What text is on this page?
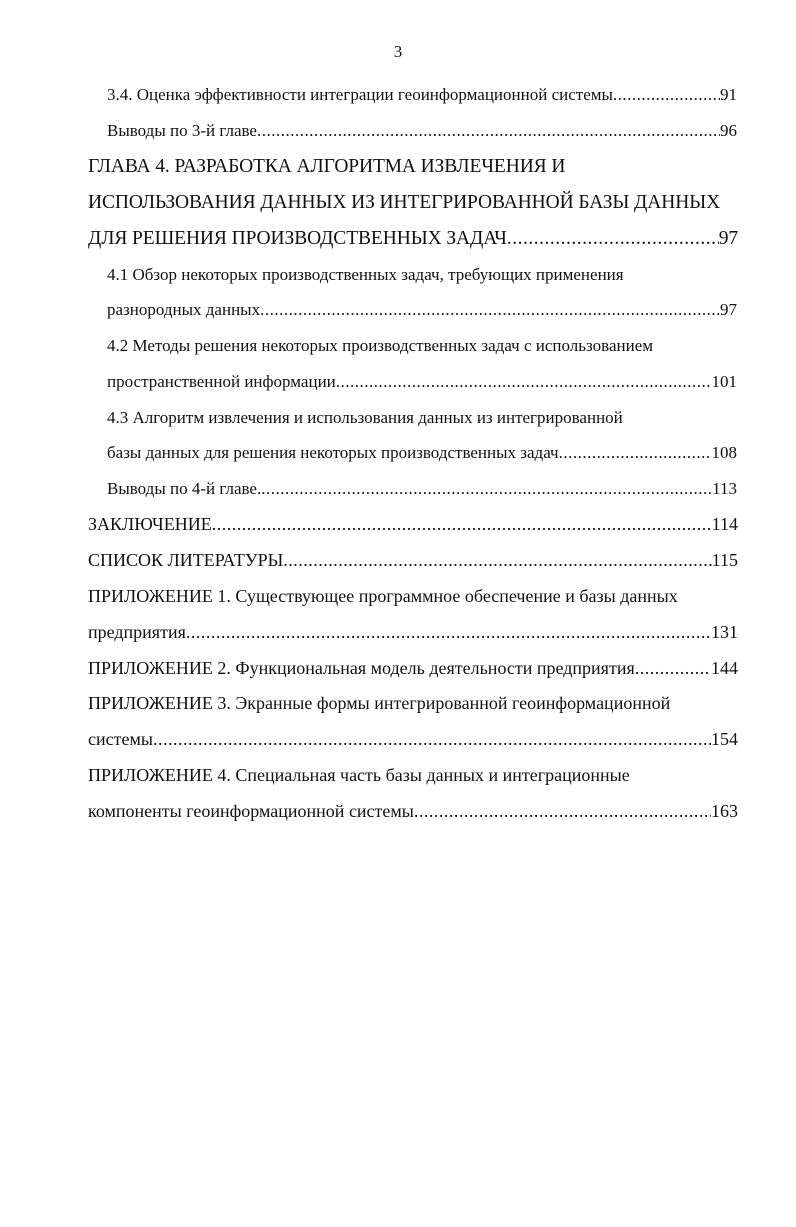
3
3.4. Оценка эффективности интеграции геоинформационной системы .....	91
Выводы по 3-й главе .....	96
ГЛАВА 4. РАЗРАБОТКА АЛГОРИТМА ИЗВЛЕЧЕНИЯ И
ИСПОЛЬЗОВАНИЯ ДАННЫХ ИЗ ИНТЕГРИРОВАННОЙ БАЗЫ ДАННЫХ
ДЛЯ РЕШЕНИЯ ПРОИЗВОДСТВЕННЫХ ЗАДАЧ .....	97
4.1 Обзор некоторых производственных задач, требующих применения
разнородных данных .....	97
4.2 Методы решения некоторых производственных задач с использованием
пространственной информации .....	101
4.3 Алгоритм извлечения и использования данных из интегрированной
базы данных для решения некоторых производственных задач .....	108
Выводы по 4-й главе. .....	113
ЗАКЛЮЧЕНИЕ .....	114
СПИСОК ЛИТЕРАТУРЫ .....	115
ПРИЛОЖЕНИЕ 1. Существующее программное обеспечение и базы данных
предприятия .....	131
ПРИЛОЖЕНИЕ 2. Функциональная модель деятельности предприятия .....	144
ПРИЛОЖЕНИЕ 3. Экранные формы интегрированной геоинформационной
системы .....	154
ПРИЛОЖЕНИЕ 4. Специальная часть базы данных и интеграционные
компоненты геоинформационной системы .....	163
